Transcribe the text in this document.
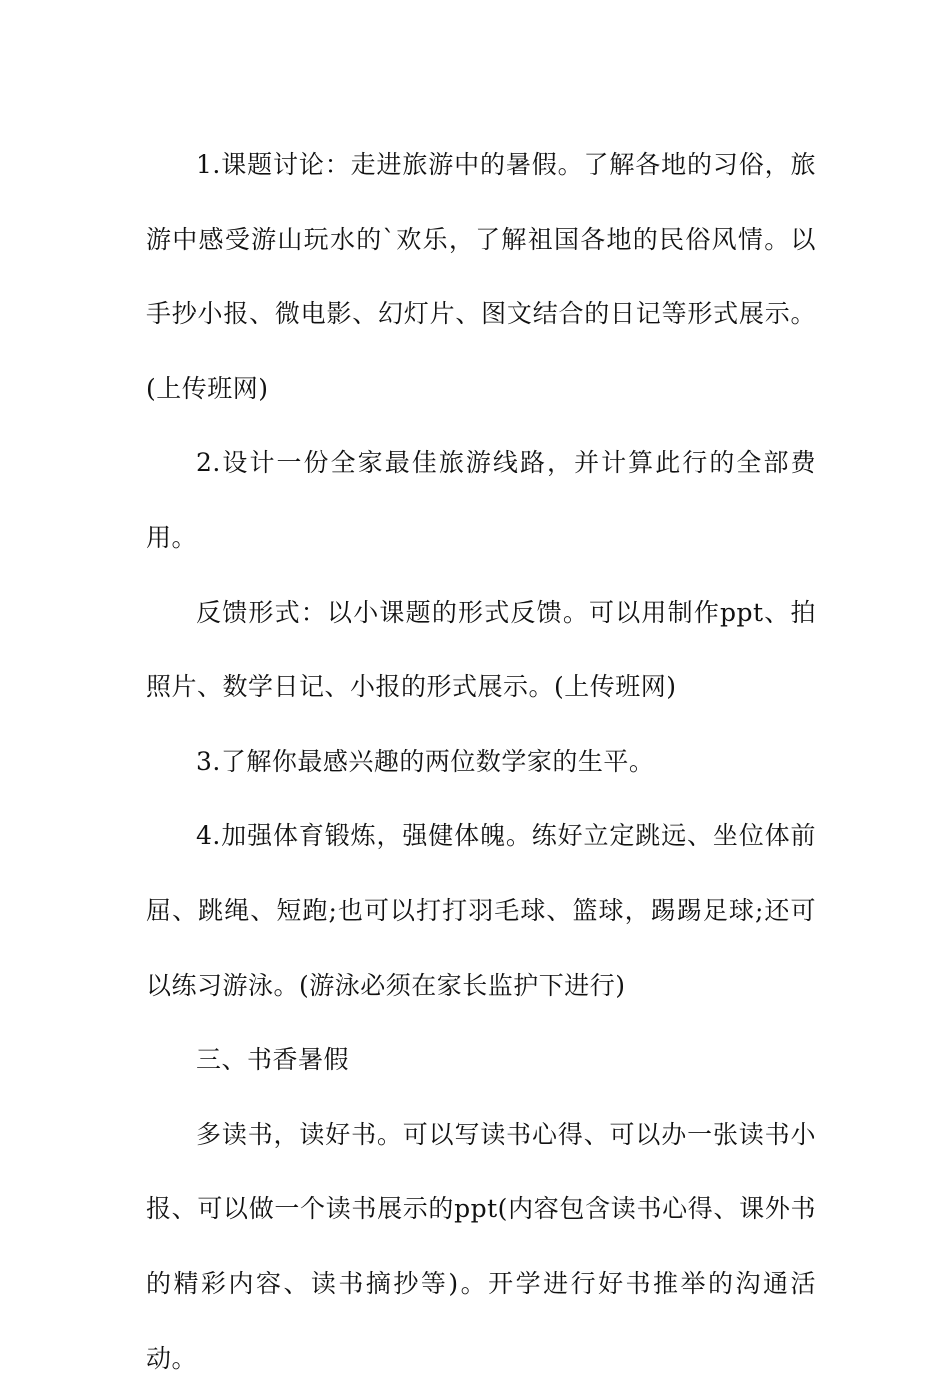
1.课题讨论：走进旅游中的暑假。了解各地的习俗，旅游中感受游山玩水的`欢乐，了解祖国各地的民俗风情。以手抄小报、微电影、幻灯片、图文结合的日记等形式展示。(上传班网)

2.设计一份全家最佳旅游线路，并计算此行的全部费用。

反馈形式：以小课题的形式反馈。可以用制作ppt、拍照片、数学日记、小报的形式展示。(上传班网)

3.了解你最感兴趣的两位数学家的生平。

4.加强体育锻炼，强健体魄。练好立定跳远、坐位体前屈、跳绳、短跑;也可以打打羽毛球、篮球，踢踢足球;还可以练习游泳。(游泳必须在家长监护下进行)

三、书香暑假

多读书，读好书。可以写读书心得、可以办一张读书小报、可以做一个读书展示的ppt(内容包含读书心得、课外书的精彩内容、读书摘抄等)。开学进行好书推举的沟通活动。
